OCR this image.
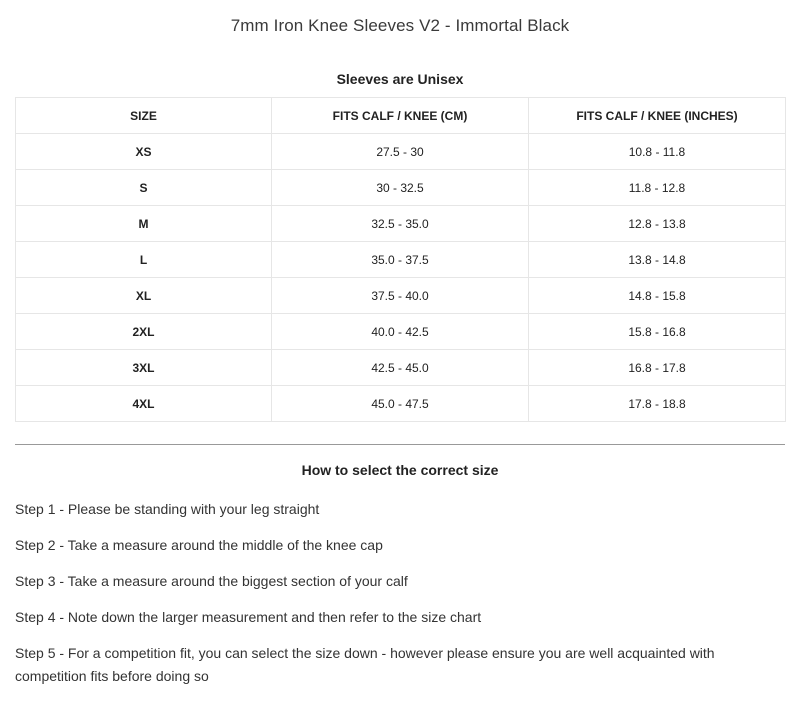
7mm Iron Knee Sleeves V2 - Immortal Black
Sleeves are Unisex
SIZE	FITS CALF / KNEE (CM)	FITS CALF / KNEE (INCHES)
XS	27.5 - 30	10.8 - 11.8
S	30 - 32.5	11.8 - 12.8
M	32.5 - 35.0	12.8 - 13.8
L	35.0 - 37.5	13.8 - 14.8
XL	37.5 - 40.0	14.8 - 15.8
2XL	40.0 - 42.5	15.8 - 16.8
3XL	42.5 - 45.0	16.8 - 17.8
4XL	45.0 - 47.5	17.8 - 18.8
How to select the correct size

Step 1 - Please be standing with your leg straight

Step 2 - Take a measure around the middle of the knee cap

Step 3 - Take a measure around the biggest section of your calf

Step 4 - Note down the larger measurement and then refer to the size chart

Step 5 - For a competition fit, you can select the size down - however please ensure you are well acquainted with competition fits before doing so
